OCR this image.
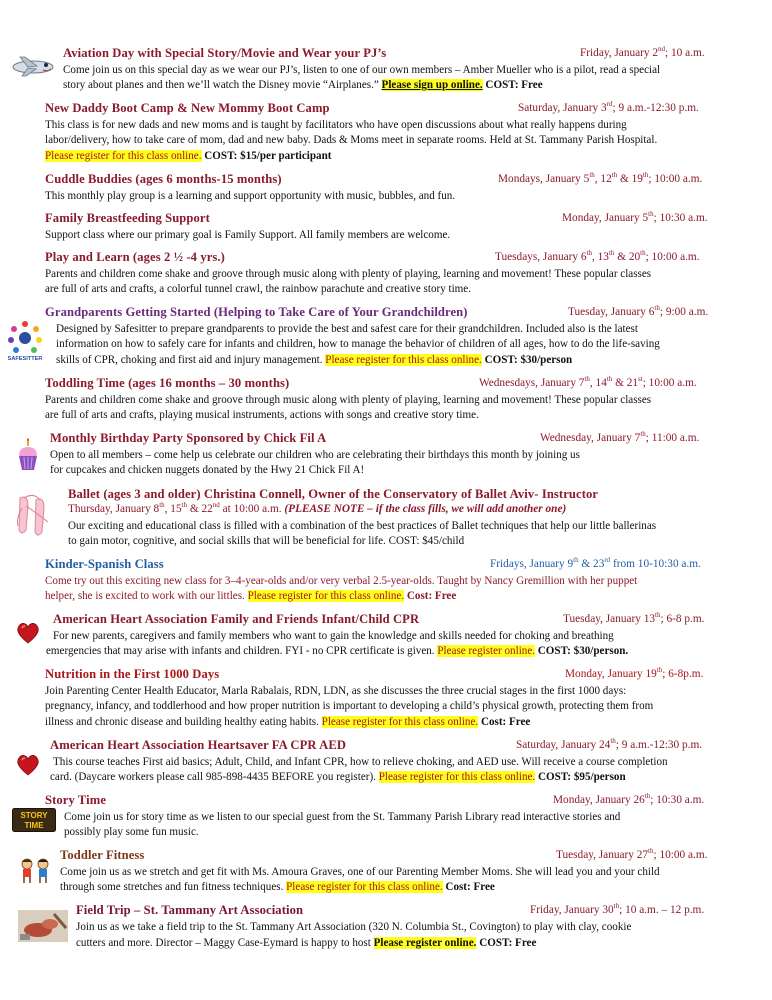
Aviation Day with Special Story/Movie and Wear your PJ’s	Friday, January 2nd; 10 a.m.
Come join us on this special day as we wear our PJ’s, listen to one of our own members – Amber Mueller who is a pilot, read a special
story about planes and then we’ll watch the Disney movie “Airplanes.” Please sign up online. COST: Free
New Daddy Boot Camp & New Mommy Boot Camp	Saturday, January 3rd; 9 a.m.-12:30 p.m.
This class is for new dads and new moms and is taught by facilitators who have open discussions about what really happens during
labor/delivery, how to take care of mom, dad and new baby. Dads & Moms meet in separate rooms. Held at St. Tammany Parish Hospital.
Please register for this class online. COST: $15/per participant
Cuddle Buddies (ages 6 months-15 months)	Mondays, January 5th, 12th & 19th; 10:00 a.m.
This monthly play group is a learning and support opportunity with music, bubbles, and fun.
Family Breastfeeding Support	Monday, January 5th; 10:30 a.m.
Support class where our primary goal is Family Support. All family members are welcome.
Play and Learn (ages 2 ½ -4 yrs.)	Tuesdays, January 6th, 13th & 20th; 10:00 a.m.
Parents and children come shake and groove through music along with plenty of playing, learning and movement! These popular classes
are full of arts and crafts, a colorful tunnel crawl, the rainbow parachute and creative story time.
SAFESITTER
Grandparents Getting Started (Helping to Take Care of Your Grandchildren)	Tuesday, January 6th; 9:00 a.m.
Designed by Safesitter to prepare grandparents to provide the best and safest care for their grandchildren. Included also is the latest
information on how to safely care for infants and children, how to manage the behavior of children of all ages, how to do the life-saving
skills of CPR, choking and first aid and injury management. Please register for this class online. COST: $30/person
Toddling Time (ages 16 months – 30 months)	Wednesdays, January 7th, 14th & 21st; 10:00 a.m.
Parents and children come shake and groove through music along with plenty of playing, learning and movement! These popular classes
are full of arts and crafts, playing musical instruments, actions with songs and creative story time.
Monthly Birthday Party Sponsored by Chick Fil A	Wednesday, January 7th; 11:00 a.m.
Open to all members – come help us celebrate our children who are celebrating their birthdays this month by joining us
for cupcakes and chicken nuggets donated by the Hwy 21 Chick Fil A!
Ballet (ages 3 and older) Christina Connell, Owner of the Conservatory of Ballet Aviv- Instructor
Thursday, January 8th, 15th & 22nd at 10:00 a.m. (PLEASE NOTE – if the class fills, we will add another one)
Our exciting and educational class is filled with a combination of the best practices of Ballet techniques that help our little ballerinas
to gain motor, cognitive, and social skills that will be beneficial for life. COST: $45/child
Kinder-Spanish Class	Fridays, January 9th & 23rd from 10-10:30 a.m.
Come try out this exciting new class for 3–4-year-olds and/or very verbal 2.5-year-olds. Taught by Nancy Gremillion with her puppet
helper, she is excited to work with our littles. Please register for this class online. Cost: Free
American Heart Association Family and Friends Infant/Child CPR	Tuesday, January 13th; 6-8 p.m.
For new parents, caregivers and family members who want to gain the knowledge and skills needed for choking and breathing
emergencies that may arise with infants and children. FYI - no CPR certificate is given. Please register online. COST: $30/person.
Nutrition in the First 1000 Days	Monday, January 19th; 6-8p.m.
Join Parenting Center Health Educator, Marla Rabalais, RDN, LDN, as she discusses the three crucial stages in the first 1000 days:
pregnancy, infancy, and toddlerhood and how proper nutrition is important to developing a child’s physical growth, protecting them from
illness and chronic disease and building healthy eating habits. Please register for this class online. Cost: Free
American Heart Association Heartsaver FA CPR AED	Saturday, January 24th; 9 a.m.-12:30 p.m.
This course teaches First aid basics; Adult, Child, and Infant CPR, how to relieve choking, and AED use. Will receive a course completion
card. (Daycare workers please call 985-898-4435 BEFORE you register). Please register for this class online. COST: $95/person
STORY
TIME
Story Time	Monday, January 26th; 10:30 a.m.
Come join us for story time as we listen to our special guest from the St. Tammany Parish Library read interactive stories and
possibly play some fun music.
Toddler Fitness	Tuesday, January 27th; 10:00 a.m.
Come join us as we stretch and get fit with Ms. Amoura Graves, one of our Parenting Member Moms. She will lead you and your child
through some stretches and fun fitness techniques. Please register for this class online. Cost: Free
Field Trip – St. Tammany Art Association	Friday, January 30th; 10 a.m. – 12 p.m.
Join us as we take a field trip to the St. Tammany Art Association (320 N. Columbia St., Covington) to play with clay, cookie
cutters and more. Director – Maggy Case-Eymard is happy to host Please register online. COST: Free
